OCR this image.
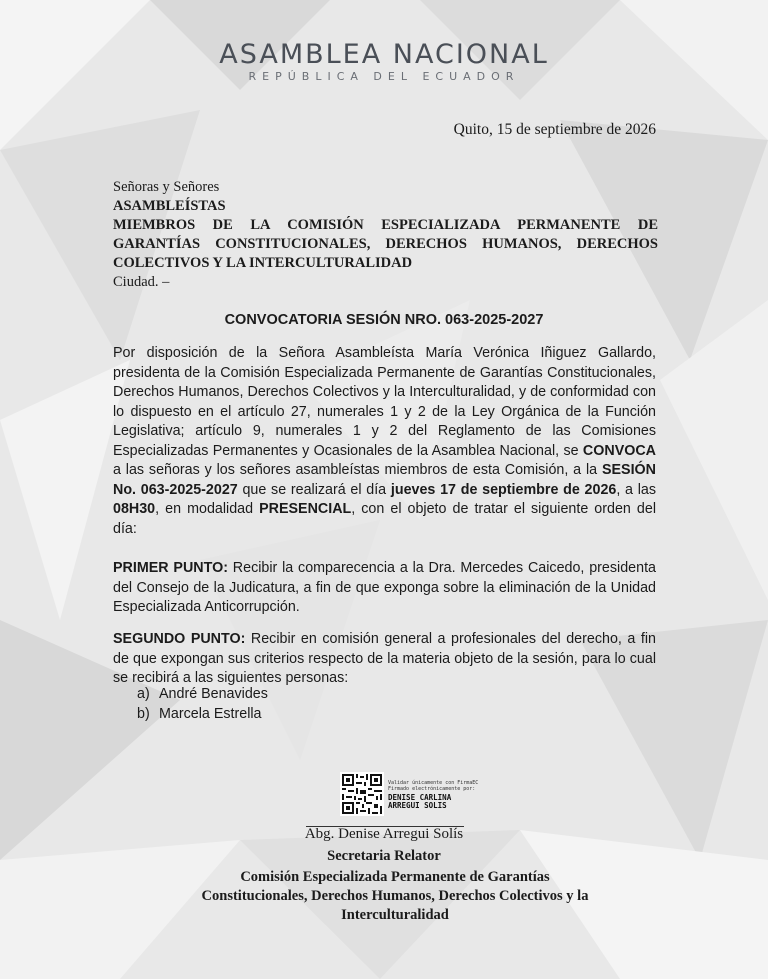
ASAMBLEA NACIONAL
REPÚBLICA DEL ECUADOR
Quito, 15 de septiembre de 2026
Señoras y Señores
ASAMBLEÍSTAS
MIEMBROS DE LA COMISIÓN ESPECIALIZADA PERMANENTE DE
GARANTÍAS CONSTITUCIONALES, DERECHOS HUMANOS, DERECHOS
COLECTIVOS Y LA INTERCULTURALIDAD
Ciudad. –
CONVOCATORIA SESIÓN NRO. 063-2025-2027
Por disposición de la Señora Asambleísta María Verónica Iñiguez Gallardo, presidenta de la Comisión Especializada Permanente de Garantías Constitucionales, Derechos Humanos, Derechos Colectivos y la Interculturalidad, y de conformidad con lo dispuesto en el artículo 27, numerales 1 y 2 de la Ley Orgánica de la Función Legislativa; artículo 9, numerales 1 y 2 del Reglamento de las Comisiones Especializadas Permanentes y Ocasionales de la Asamblea Nacional, se CONVOCA a las señoras y los señores asambleístas miembros de esta Comisión, a la SESIÓN No. 063-2025-2027 que se realizará el día jueves 17 de septiembre de 2026, a las 08H30, en modalidad PRESENCIAL, con el objeto de tratar el siguiente orden del día:
PRIMER PUNTO: Recibir la comparecencia a la Dra. Mercedes Caicedo, presidenta del Consejo de la Judicatura, a fin de que exponga sobre la eliminación de la Unidad Especializada Anticorrupción.
SEGUNDO PUNTO: Recibir en comisión general a profesionales del derecho, a fin de que expongan sus criterios respecto de la materia objeto de la sesión, para lo cual se recibirá a las siguientes personas:
a) André Benavides
b) Marcela Estrella
Validar únicamente con FirmaEC
Firmado electrónicamente por:
DENISE CARLINA
ARREGUI SOLIS
Abg. Denise Arregui Solís
Secretaria Relator
Comisión Especializada Permanente de Garantías
Constitucionales, Derechos Humanos, Derechos Colectivos y la
Interculturalidad
